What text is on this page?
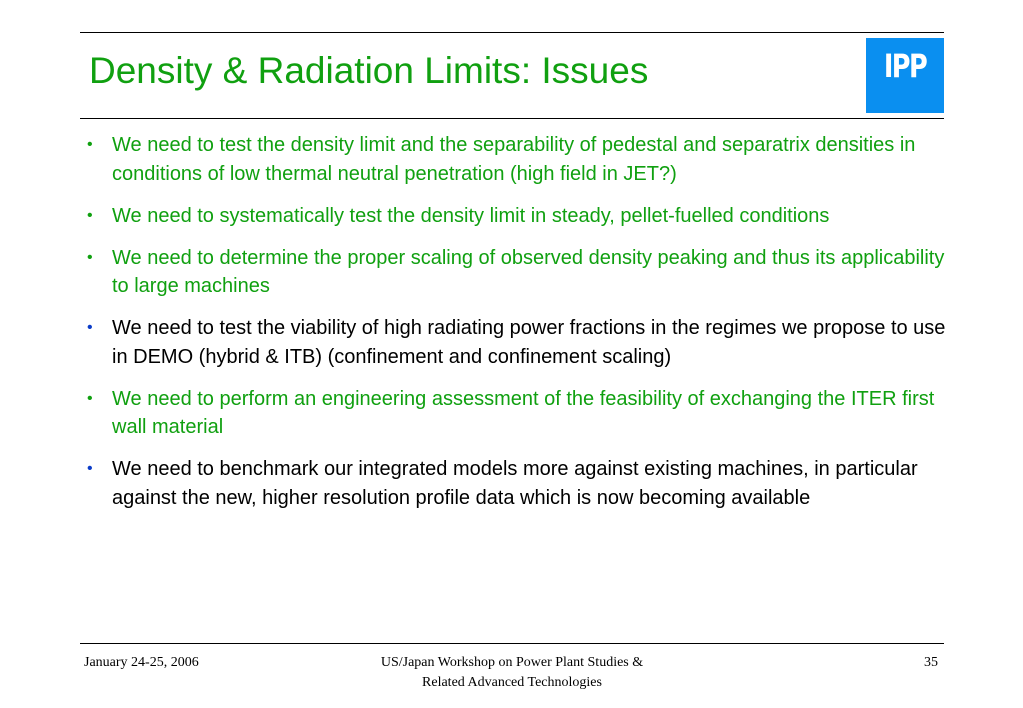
Density & Radiation Limits: Issues	IPP
• We need to test the density limit and the separability of pedestal and separatrix densities in conditions of low thermal neutral penetration (high field in JET?)
• We need to systematically test the density limit in steady, pellet-fuelled conditions
• We need to determine the proper scaling of observed density peaking and thus its applicability to large machines
• We need to test the viability of high radiating power fractions in the regimes we propose to use in DEMO (hybrid & ITB) (confinement and confinement scaling)
• We need to perform an engineering assessment of the feasibility of exchanging the ITER first wall material
• We need to benchmark our integrated models more against existing machines, in particular against the new, higher resolution profile data which is now becoming available
January 24-25, 2006	US/Japan Workshop on Power Plant Studies &
Related Advanced Technologies
35
